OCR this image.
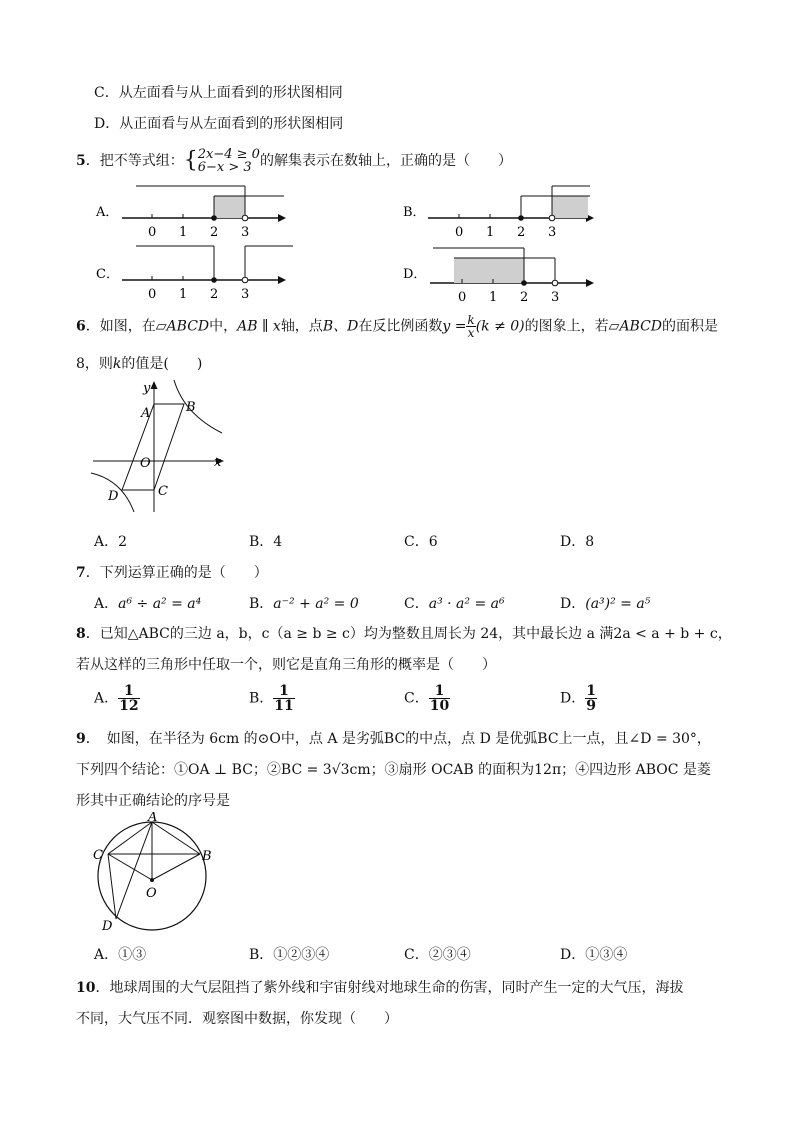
C．从左面看与从上面看到的形状图相同
D．从正面看与从左面看到的形状图相同
5．把不等式组：{ 2x−4 ≥ 0
6−x > 3 的解集表示在数轴上，正确的是（　　）
A．
0 1 2 3
B．
0 1 2 3
C．
0 1 2 3
D．
0 1 2 3
6．如图，在▱ABCD中，AB ∥ x轴，点B、D在反比例函数$y = \frac{k}{x} (k \ne 0)$的图象上，若▱ABCD的面积是
8，则k的值是(　　)
y
x
A	B
O
C
D
A．2	B．4	C．6	D．8
7．下列运算正确的是（　　）
A．a⁶ ÷ a² = a⁴	B．a⁻² + a² = 0	C．a³ · a² = a⁶	D．(a³)² = a⁵
8．已知△ABC的三边 a，b，c（a ≥ b ≥ c）均为整数且周长为 24，其中最长边 a 满2a < a + b + c，
若从这样的三角形中任取一个，则它是直角三角形的概率是（　　）
A． $\frac{1}{12}$	B． $\frac{1}{11}$	C． $\frac{1}{10}$	D． $\frac{1}{9}$
9．　如图，在半径为 6cm 的⊙O中，点 A 是劣弧BC的中点，点 D 是优弧BC上一点，且∠D = 30°，
下列四个结论：①OA ⊥ BC；②BC = 3√3cm；③扇形 OCAB 的面积为12π；④四边形 ABOC 是菱
形其中正确结论的序号是
A
B
C
O
D
A．①③	B．①②③④	C．②③④	D．①③④
10．地球周围的大气层阻挡了紫外线和宇宙射线对地球生命的伤害，同时产生一定的大气压，海拔
不同，大气压不同．观察图中数据，你发现（　　）
